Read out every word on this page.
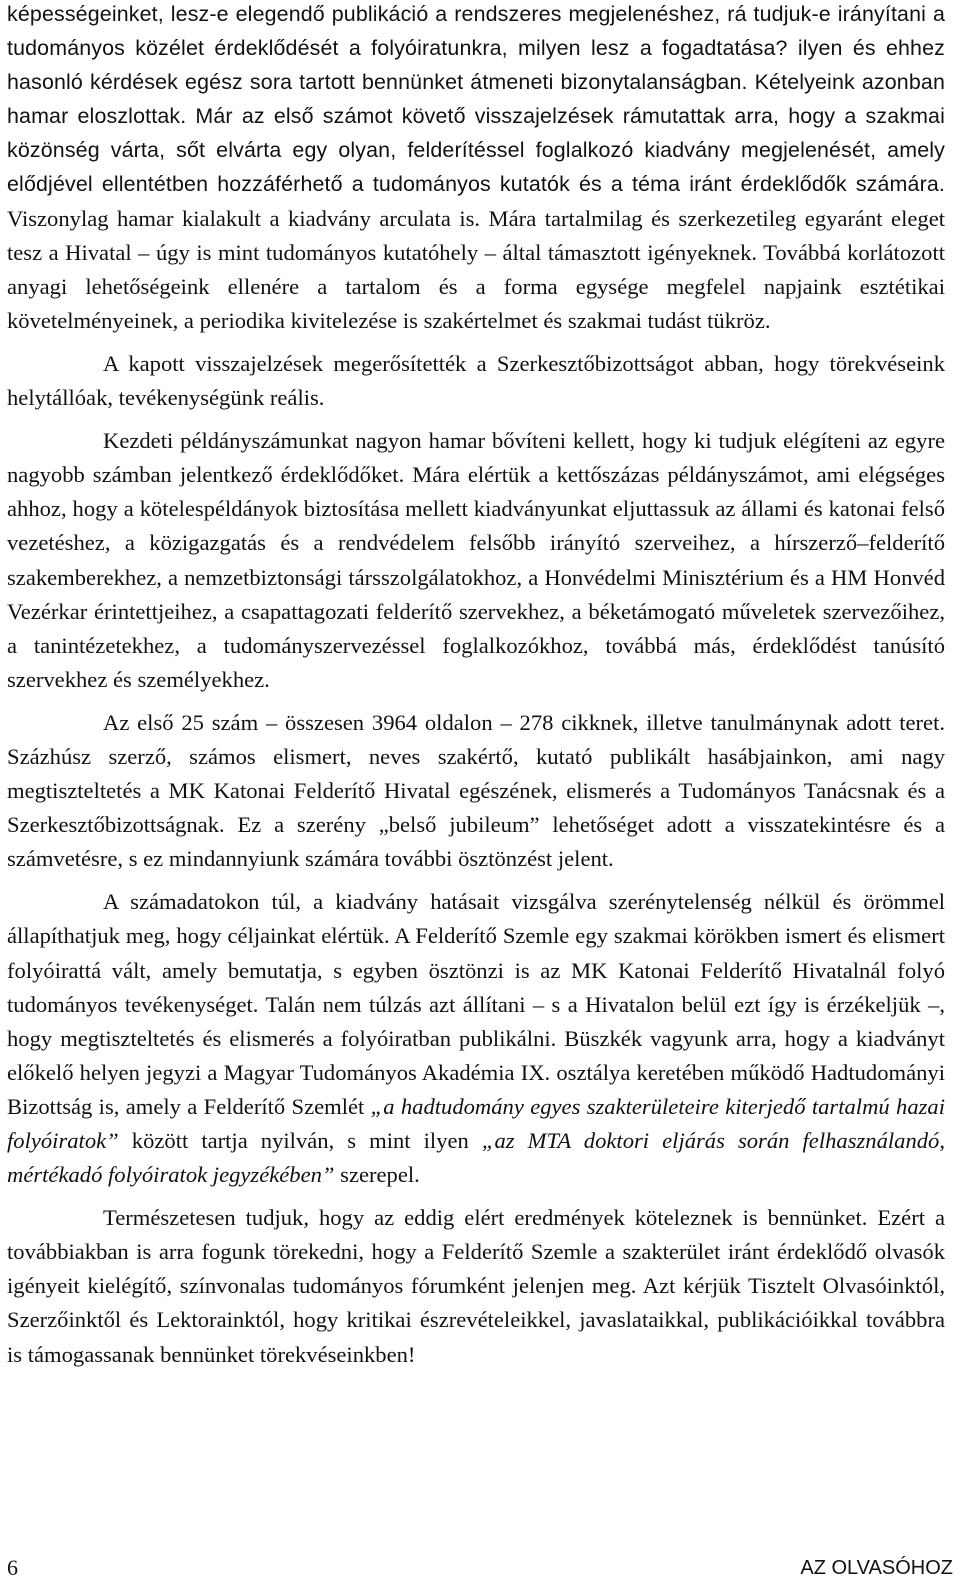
képességeinket, lesz-e elegendő publikáció a rendszeres megjelenéshez, rá tudjuk-e irányítani a tudományos közélet érdeklődését a folyóiratunkra, milyen lesz a fogadtatása? ilyen és ehhez hasonló kérdések egész sora tartott bennünket átmeneti bizonytalanságban. Kételyeink azonban hamar eloszlottak. Már az első számot követő visszajelzések rámutattak arra, hogy a szakmai közönség várta, sőt elvárta egy olyan, felderítéssel foglalkozó kiadvány megjelenését, amely elődjével ellentétben hozzáférhető a tudományos kutatók és a téma iránt érdeklődők számára. Viszonylag hamar kialakult a kiadvány arculata is. Mára tartalmilag és szerkezetileg egyaránt eleget tesz a Hivatal – úgy is mint tudományos kutatóhely – által támasztott igényeknek. Továbbá korlátozott anyagi lehetőségeink ellenére a tartalom és a forma egysége megfelel napjaink esztétikai követelményeinek, a periodika kivitelezése is szakértelmet és szakmai tudást tükröz.

A kapott visszajelzések megerősítették a Szerkesztőbizottságot abban, hogy törekvéseink helytállóak, tevékenységünk reális.

Kezdeti példányszámunkat nagyon hamar bővíteni kellett, hogy ki tudjuk elégíteni az egyre nagyobb számban jelentkező érdeklődőket. Mára elértük a kettőszázas példányszámot, ami elégséges ahhoz, hogy a kötelespéldányok biztosítása mellett kiadványunkat eljuttassuk az állami és katonai felső vezetéshez, a közigazgatás és a rendvédelem felsőbb irányító szerveihez, a hírszerző–felderítő szakemberekhez, a nemzetbiztonsági társszolgálatokhoz, a Honvédelmi Minisztérium és a HM Honvéd Vezérkar érintettjeihez, a csapattagozati felderítő szervekhez, a béketámogató műveletek szervezőihez, a tanintézetekhez, a tudományszervezéssel foglalkozókhoz, továbbá más, érdeklődést tanúsító szervekhez és személyekhez.

Az első 25 szám – összesen 3964 oldalon – 278 cikknek, illetve tanulmánynak adott teret. Százhúsz szerző, számos elismert, neves szakértő, kutató publikált hasábjainkon, ami nagy megtiszteltetés a MK Katonai Felderítő Hivatal egészének, elismerés a Tudományos Tanácsnak és a Szerkesztőbizottságnak. Ez a szerény „belső jubileum” lehetőséget adott a visszatekintésre és a számvetésre, s ez mindannyiunk számára további ösztönzést jelent.

A számadatokon túl, a kiadvány hatásait vizsgálva szerénytelenség nélkül és örömmel állapíthatjuk meg, hogy céljainkat elértük. A Felderítő Szemle egy szakmai körökben ismert és elismert folyóirattá vált, amely bemutatja, s egyben ösztönzi is az MK Katonai Felderítő Hivatalnál folyó tudományos tevékenységet. Talán nem túlzás azt állítani – s a Hivatalon belül ezt így is érzékeljük –, hogy megtiszteltetés és elismerés a folyóiratban publikálni. Büszkék vagyunk arra, hogy a kiadványt előkelő helyen jegyzi a Magyar Tudományos Akadémia IX. osztálya keretében működő Hadtudományi Bizottság is, amely a Felderítő Szemlét „a hadtudomány egyes szakterületeire kiterjedő tartalmú hazai folyóiratok” között tartja nyilván, s mint ilyen „az MTA doktori eljárás során felhasználandó, mértékadó folyóiratok jegyzékében” szerepel.

Természetesen tudjuk, hogy az eddig elért eredmények köteleznek is bennünket. Ezért a továbbiakban is arra fogunk törekedni, hogy a Felderítő Szemle a szakterület iránt érdeklődő olvasók igényeit kielégítő, színvonalas tudományos fórumként jelenjen meg. Azt kérjük Tisztelt Olvasóinktól, Szerzőinktől és Lektorainktól, hogy kritikai észrevételeikkel, javaslataikkal, publikációikkal továbbra is támogassanak bennünket törekvéseinkben!

6	AZ OLVASÓHOZ
